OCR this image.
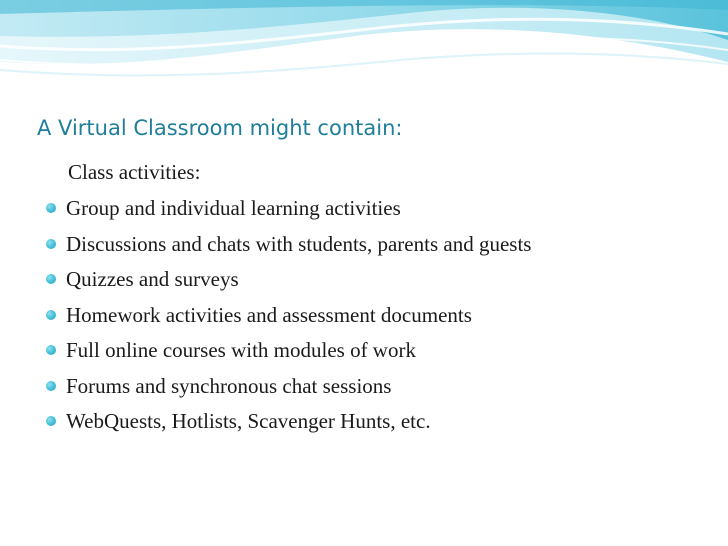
A Virtual Classroom might contain:

Class activities:

Group and individual learning activities
Discussions and chats with students, parents and guests
Quizzes and surveys
Homework activities and assessment documents
Full online courses with modules of work
Forums and synchronous chat sessions
WebQuests, Hotlists, Scavenger Hunts, etc.
